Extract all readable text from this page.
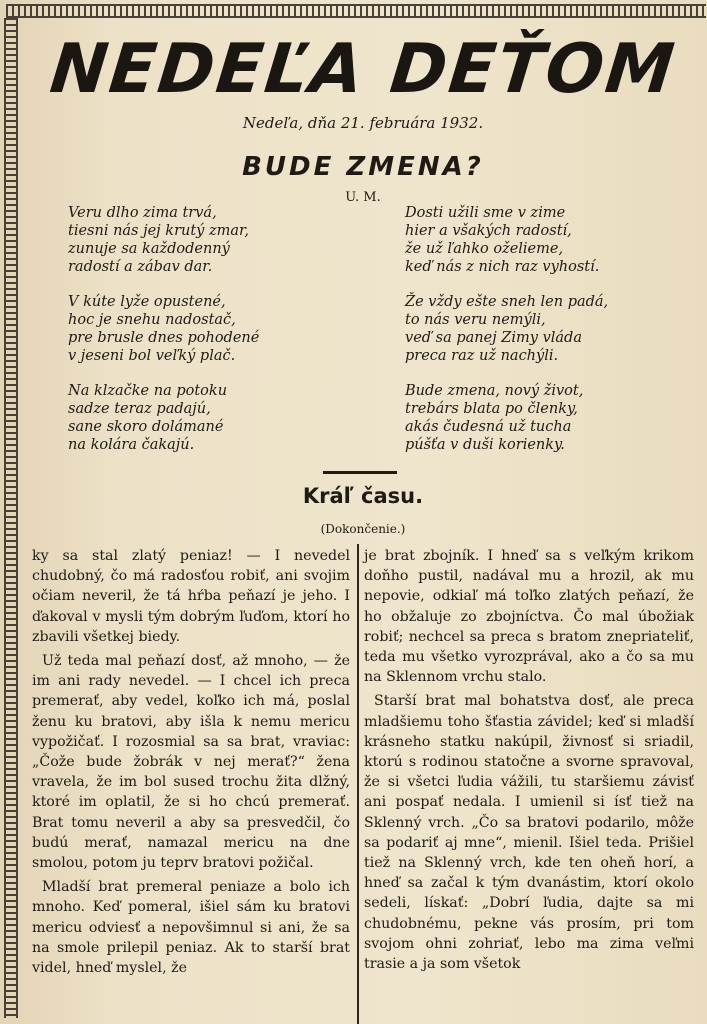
NEDEĽA DEŤOM
Nedeľa, dňa 21. februára 1932.
BUDE ZMENA?
U. M.
Veru dlho zima trvá,
tiesni nás jej krutý zmar,
zunuje sa každodenný
radostí a zábav dar.
V kúte lyže opustené,
hoc je snehu nadostač,
pre brusle dnes pohodené
v jeseni bol veľký plač.
Na klzačke na potoku
sadze teraz padajú,
sane skoro dolámané
na kolára čakajú.
Dosti užili sme v zime
hier a všakých radostí,
že už ľahko oželieme,
keď nás z nich raz vyhostí.
Že vždy ešte sneh len padá,
to nás veru nemýli,
veď sa panej Zimy vláda
preca raz už nachýli.
Bude zmena, nový život,
trebárs blata po členky,
akás čudesná už tucha
púšťa v duši korienky.
Kráľ času.
(Dokončenie.)

ky sa stal zlatý peniaz! — I nevedel chudobný, čo má radosťou robiť, ani svojim očiam neveril, že tá hŕba peňazí je jeho. I ďakoval v mysli tým dobrým ľuďom, ktorí ho zbavili všetkej biedy.

Už teda mal peňazí dosť, až mnoho, — že im ani rady nevedel. — I chcel ich preca premerať, aby vedel, koľko ich má, poslal ženu ku bratovi, aby išla k nemu mericu vypožičať. I rozosmial sa sa brat, vraviac: „Čože bude žobrák v nej merať?“ žena vravela, že im bol sused trochu žita dlžný, ktoré im oplatil, že si ho chcú premerať. Brat tomu neveril a aby sa presvedčil, čo budú merať, namazal mericu na dne smolou, potom ju teprv bratovi požičal.

Mladší brat premeral peniaze a bolo ich mnoho. Keď pomeral, išiel sám ku bratovi mericu odviesť a nepovšimnul si ani, že sa na smole prilepil peniaz. Ak to starší brat videl, hneď myslel, že

je brat zbojník. I hneď sa s veľkým krikom doňho pustil, nadával mu a hrozil, ak mu nepovie, odkiaľ má toľko zlatých peňazí, že ho obžaluje zo zbojníctva. Čo mal úbožiak robiť; nechcel sa preca s bratom znepriateliť, teda mu všetko vyrozprával, ako a čo sa mu na Sklennom vrchu stalo.

Starší brat mal bohatstva dosť, ale preca mladšiemu toho šťastia závidel; keď si mladší krásneho statku nakúpil, živnosť si sriadil, ktorú s rodinou statočne a svorne spravoval, že si všetci ľudia vážili, tu staršiemu závisť ani pospať nedala. I umienil si ísť tiež na Sklenný vrch. „Čo sa bratovi podarilo, môže sa podariť aj mne“, mienil. Išiel teda. Prišiel tiež na Sklenný vrch, kde ten oheň horí, a hneď sa začal k tým dvanástim, ktorí okolo sedeli, lískať: „Dobrí ľudia, dajte sa mi chudobnému, pekne vás prosím, pri tom svojom ohni zohriať, lebo ma zima veľmi trasie a ja som všetok
